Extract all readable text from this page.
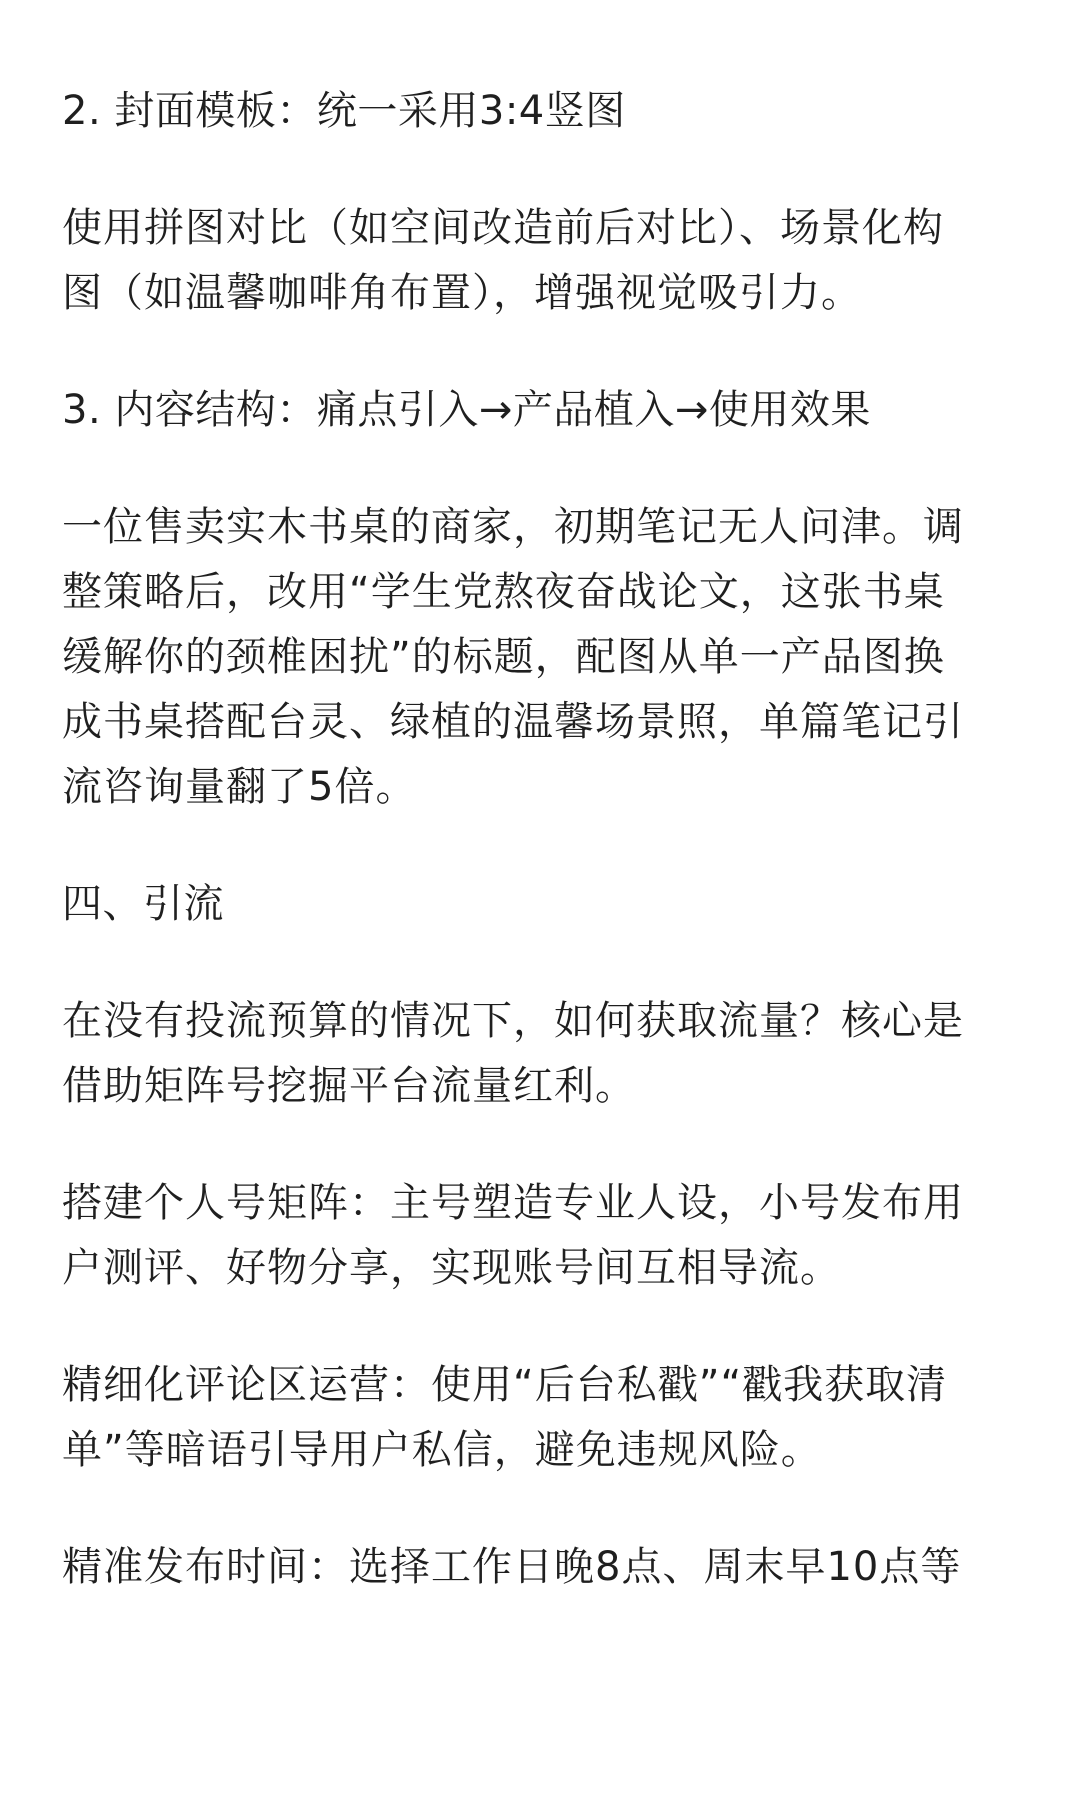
2. 封面模板：统一采用3:4竖图

使用拼图对比（如空间改造前后对比）、场景化构
图（如温馨咖啡角布置），增强视觉吸引力。

3. 内容结构：痛点引入→产品植入→使用效果

一位售卖实木书桌的商家，初期笔记无人问津。调
整策略后，改用“学生党熬夜奋战论文，这张书桌
缓解你的颈椎困扰”的标题，配图从单一产品图换
成书桌搭配台灵、绿植的温馨场景照，单篇笔记引
流咨询量翻了5倍。

四、引流

在没有投流预算的情况下，如何获取流量？核心是
借助矩阵号挖掘平台流量红利。

搭建个人号矩阵：主号塑造专业人设，小号发布用
户测评、好物分享，实现账号间互相导流。

精细化评论区运营：使用“后台私戳”“戳我获取清
单”等暗语引导用户私信，避免违规风险。

精准发布时间：选择工作日晚8点、周末早10点等
